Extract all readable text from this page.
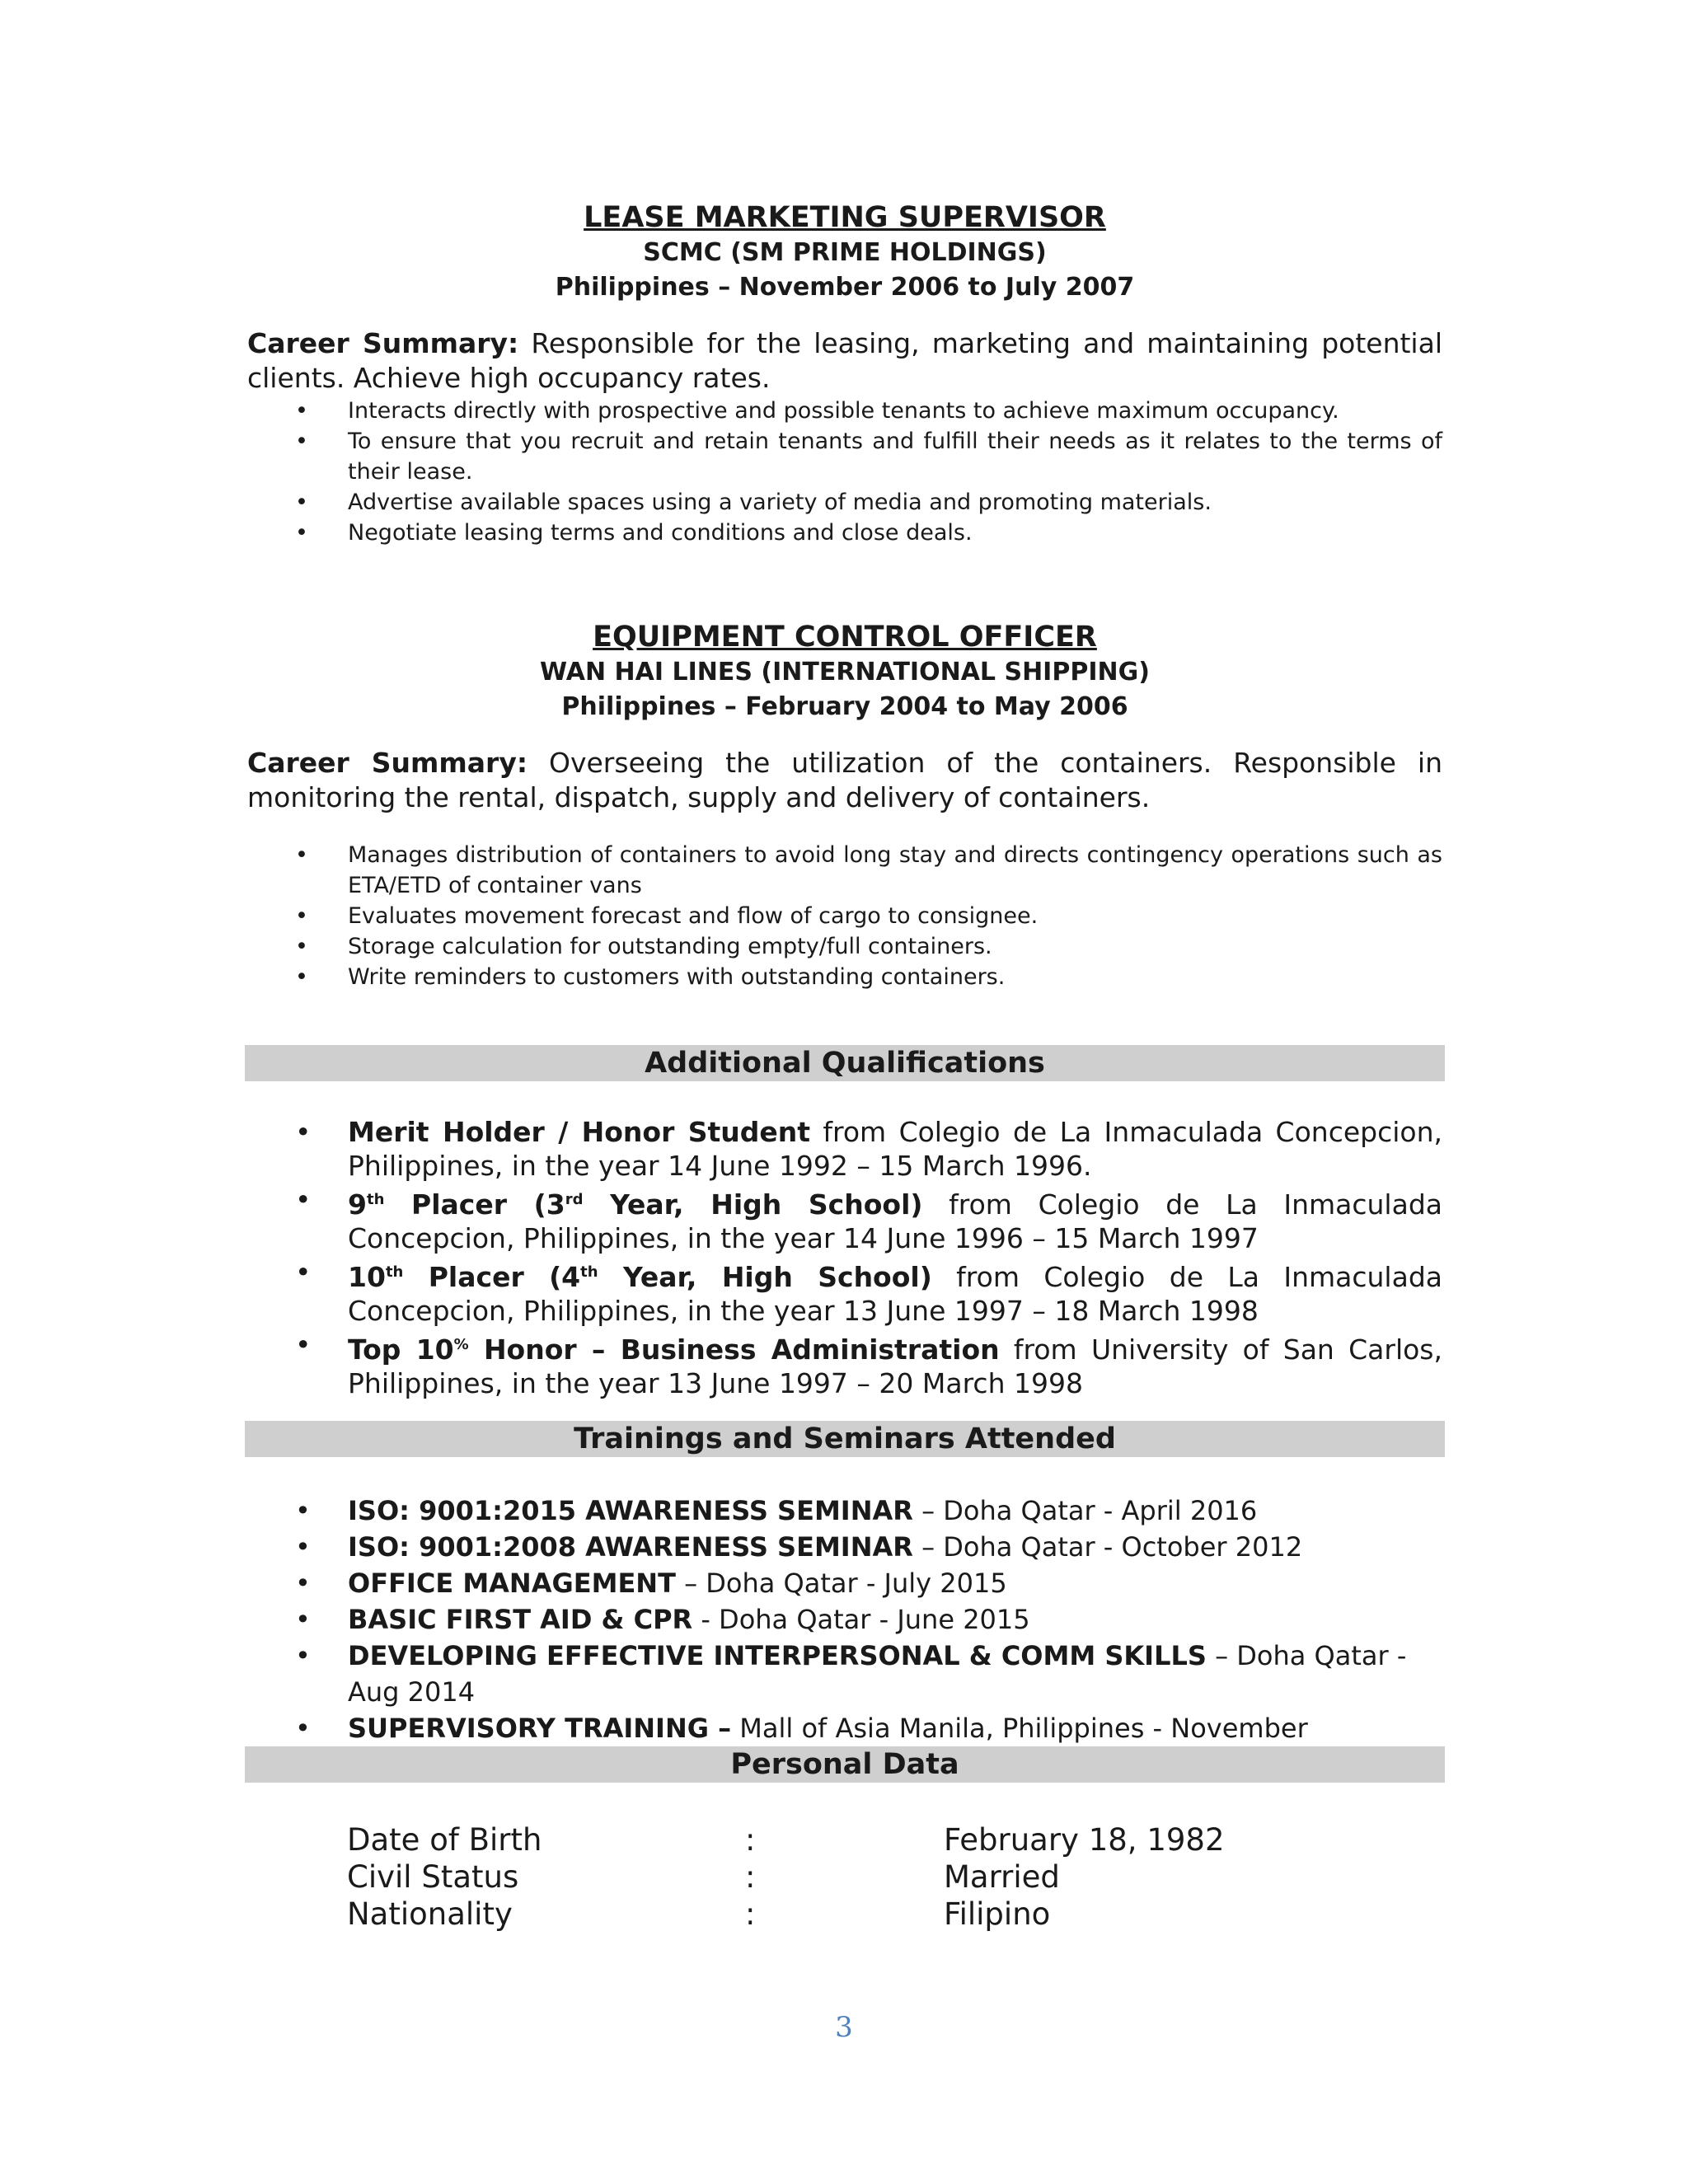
LEASE MARKETING SUPERVISOR
SCMC (SM PRIME HOLDINGS)
Philippines – November 2006 to July 2007
Career Summary: Responsible for the leasing, marketing and maintaining potential clients. Achieve high occupancy rates.
• Interacts directly with prospective and possible tenants to achieve maximum occupancy.
• To ensure that you recruit and retain tenants and fulfill their needs as it relates to the terms of their lease.
• Advertise available spaces using a variety of media and promoting materials.
• Negotiate leasing terms and conditions and close deals.
EQUIPMENT CONTROL OFFICER
WAN HAI LINES (INTERNATIONAL SHIPPING)
Philippines – February 2004 to May 2006
Career Summary: Overseeing the utilization of the containers. Responsible in monitoring the rental, dispatch, supply and delivery of containers.
• Manages distribution of containers to avoid long stay and directs contingency operations such as ETA/ETD of container vans
• Evaluates movement forecast and flow of cargo to consignee.
• Storage calculation for outstanding empty/full containers.
• Write reminders to customers with outstanding containers.
Additional Qualifications
• Merit Holder / Honor Student from Colegio de La Inmaculada Concepcion, Philippines, in the year 14 June 1992 – 15 March 1996.
• 9th Placer (3rd Year, High School) from Colegio de La Inmaculada Concepcion, Philippines, in the year 14 June 1996 – 15 March 1997
• 10th Placer (4th Year, High School) from Colegio de La Inmaculada Concepcion, Philippines, in the year 13 June 1997 – 18 March 1998
• Top 10% Honor – Business Administration from University of San Carlos, Philippines, in the year 13 June 1997 – 20 March 1998
Trainings and Seminars Attended
• ISO: 9001:2015 AWARENESS SEMINAR – Doha Qatar - April 2016
• ISO: 9001:2008 AWARENESS SEMINAR – Doha Qatar - October 2012
• OFFICE MANAGEMENT – Doha Qatar - July 2015
• BASIC FIRST AID & CPR - Doha Qatar - June 2015
• DEVELOPING EFFECTIVE INTERPERSONAL & COMM SKILLS – Doha Qatar -Aug 2014
• SUPERVISORY TRAINING – Mall of Asia Manila, Philippines - November
Personal Data
Date of Birth	:	February 18, 1982
Civil Status	:	Married
Nationality	:	Filipino
3
